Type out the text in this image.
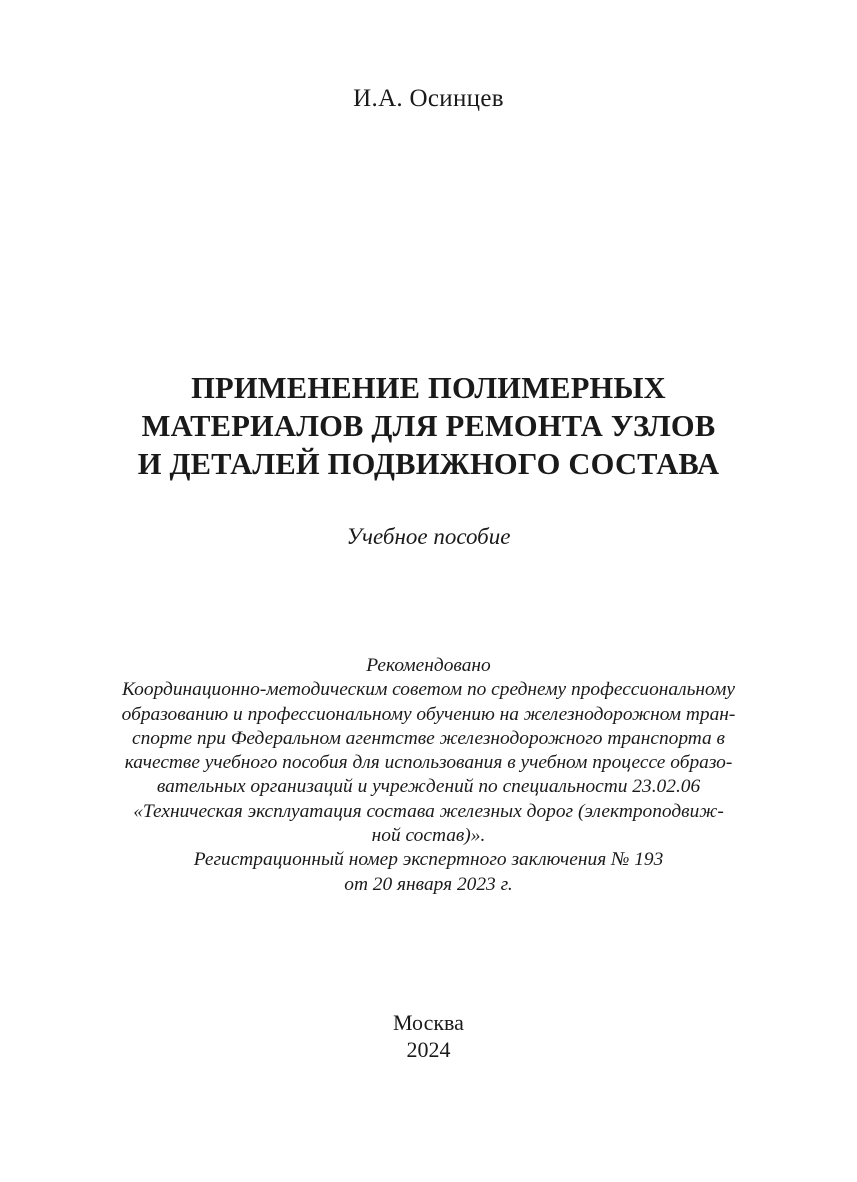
И.А. Осинцев
ПРИМЕНЕНИЕ ПОЛИМЕРНЫХ
МАТЕРИАЛОВ ДЛЯ РЕМОНТА УЗЛОВ
И ДЕТАЛЕЙ ПОДВИЖНОГО СОСТАВА
Учебное пособие
Рекомендовано
Координационно-методическим советом по среднему профессиональному
образованию и профессиональному обучению на железнодорожном тран-
спорте при Федеральном агентстве железнодорожного транспорта в
качестве учебного пособия для использования в учебном процессе образо-
вательных организаций и учреждений по специальности 23.02.06
«Техническая эксплуатация состава железных дорог (электроподвиж-
ной состав)».
Регистрационный номер экспертного заключения № 193
от 20 января 2023 г.
Москва
2024
